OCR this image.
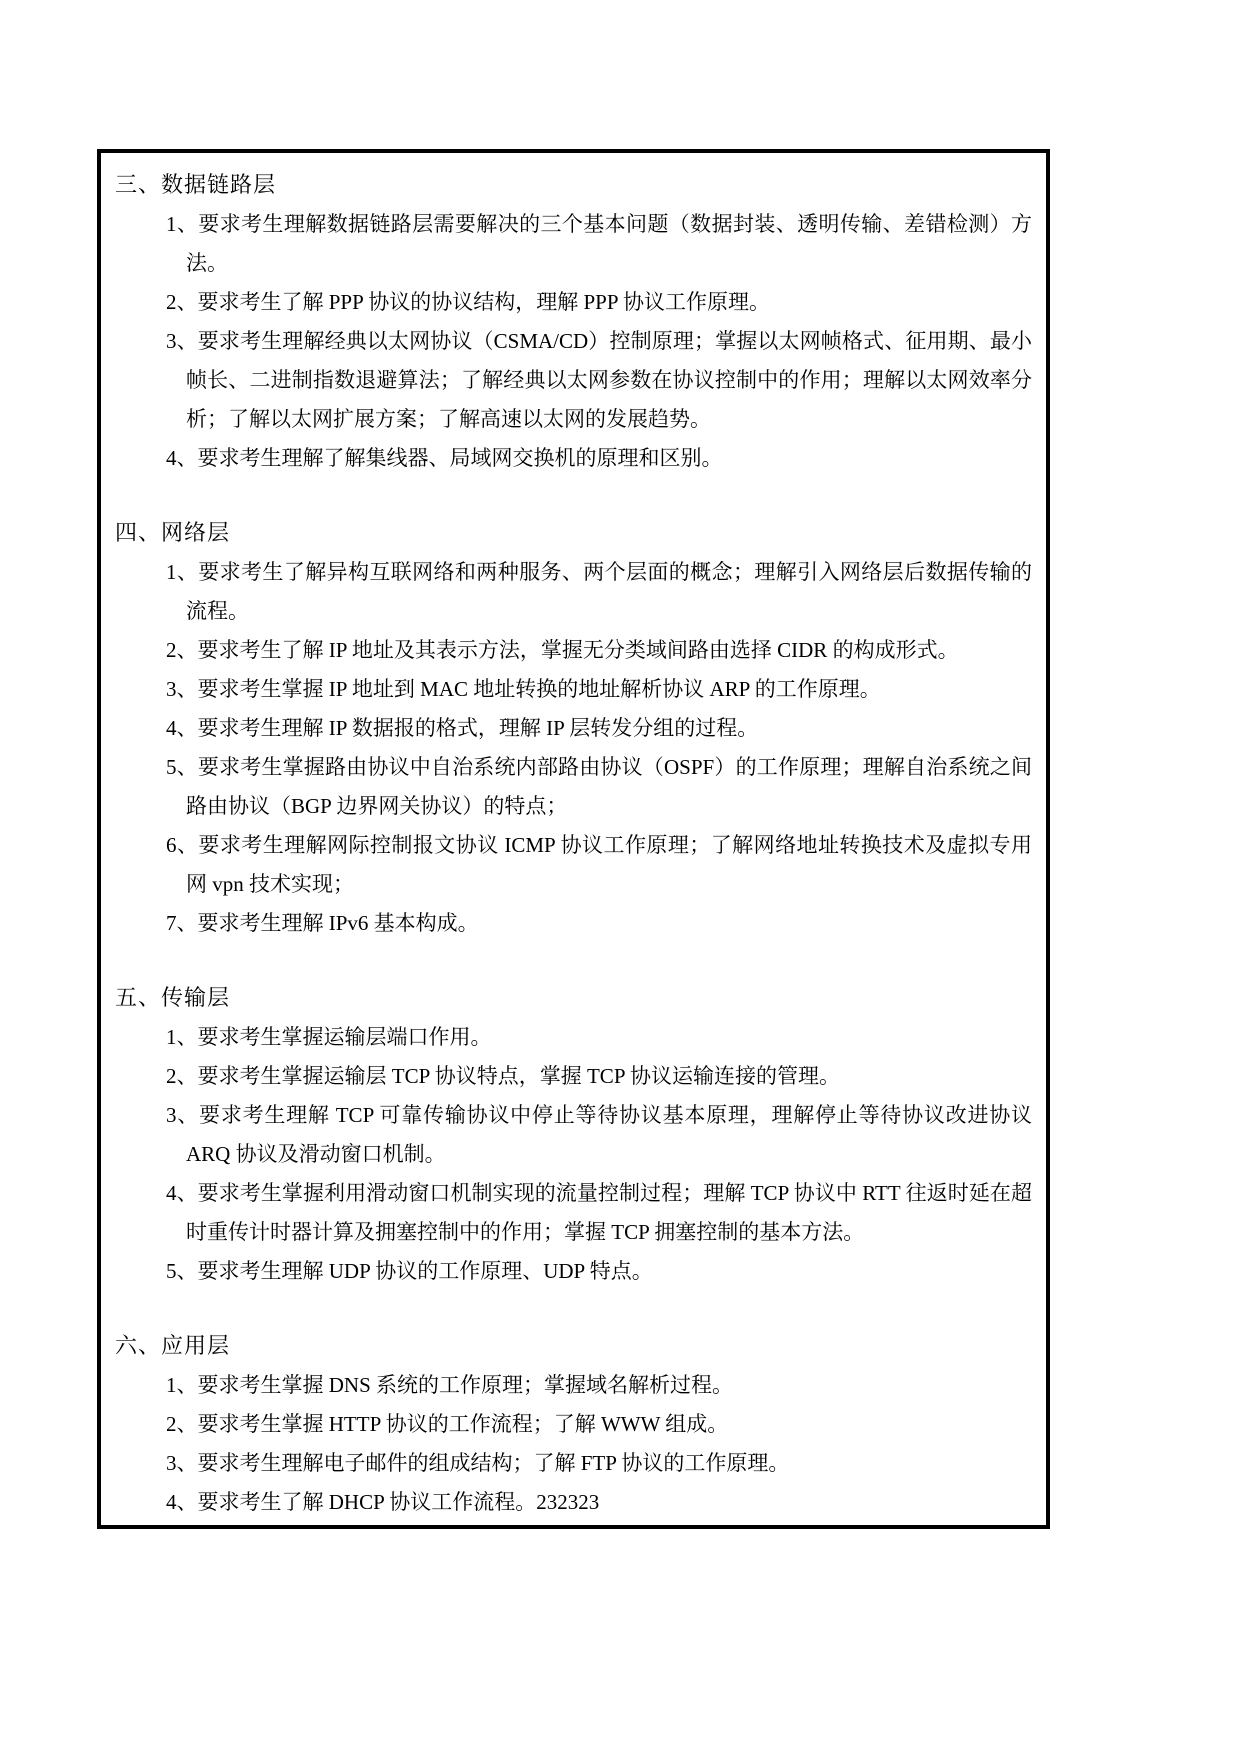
三、数据链路层
1、要求考生理解数据链路层需要解决的三个基本问题（数据封装、透明传输、差错检测）方法。
2、要求考生了解 PPP 协议的协议结构，理解 PPP 协议工作原理。
3、要求考生理解经典以太网协议（CSMA/CD）控制原理；掌握以太网帧格式、征用期、最小帧长、二进制指数退避算法；了解经典以太网参数在协议控制中的作用；理解以太网效率分析；了解以太网扩展方案；了解高速以太网的发展趋势。
4、要求考生理解了解集线器、局域网交换机的原理和区别。
四、网络层
1、要求考生了解异构互联网络和两种服务、两个层面的概念；理解引入网络层后数据传输的流程。
2、要求考生了解 IP 地址及其表示方法，掌握无分类域间路由选择 CIDR 的构成形式。
3、要求考生掌握 IP 地址到 MAC 地址转换的地址解析协议 ARP 的工作原理。
4、要求考生理解 IP 数据报的格式，理解 IP 层转发分组的过程。
5、要求考生掌握路由协议中自治系统内部路由协议（OSPF）的工作原理；理解自治系统之间路由协议（BGP 边界网关协议）的特点；
6、要求考生理解网际控制报文协议 ICMP 协议工作原理；了解网络地址转换技术及虚拟专用网 vpn 技术实现；
7、要求考生理解 IPv6 基本构成。
五、传输层
1、要求考生掌握运输层端口作用。
2、要求考生掌握运输层 TCP 协议特点，掌握 TCP 协议运输连接的管理。
3、要求考生理解 TCP 可靠传输协议中停止等待协议基本原理，理解停止等待协议改进协议 ARQ 协议及滑动窗口机制。
4、要求考生掌握利用滑动窗口机制实现的流量控制过程；理解 TCP 协议中 RTT 往返时延在超时重传计时器计算及拥塞控制中的作用；掌握 TCP 拥塞控制的基本方法。
5、要求考生理解 UDP 协议的工作原理、UDP 特点。
六、应用层
1、要求考生掌握 DNS 系统的工作原理；掌握域名解析过程。
2、要求考生掌握 HTTP 协议的工作流程；了解 WWW 组成。
3、要求考生理解电子邮件的组成结构；了解 FTP 协议的工作原理。
4、要求考生了解 DHCP 协议工作流程。232323
